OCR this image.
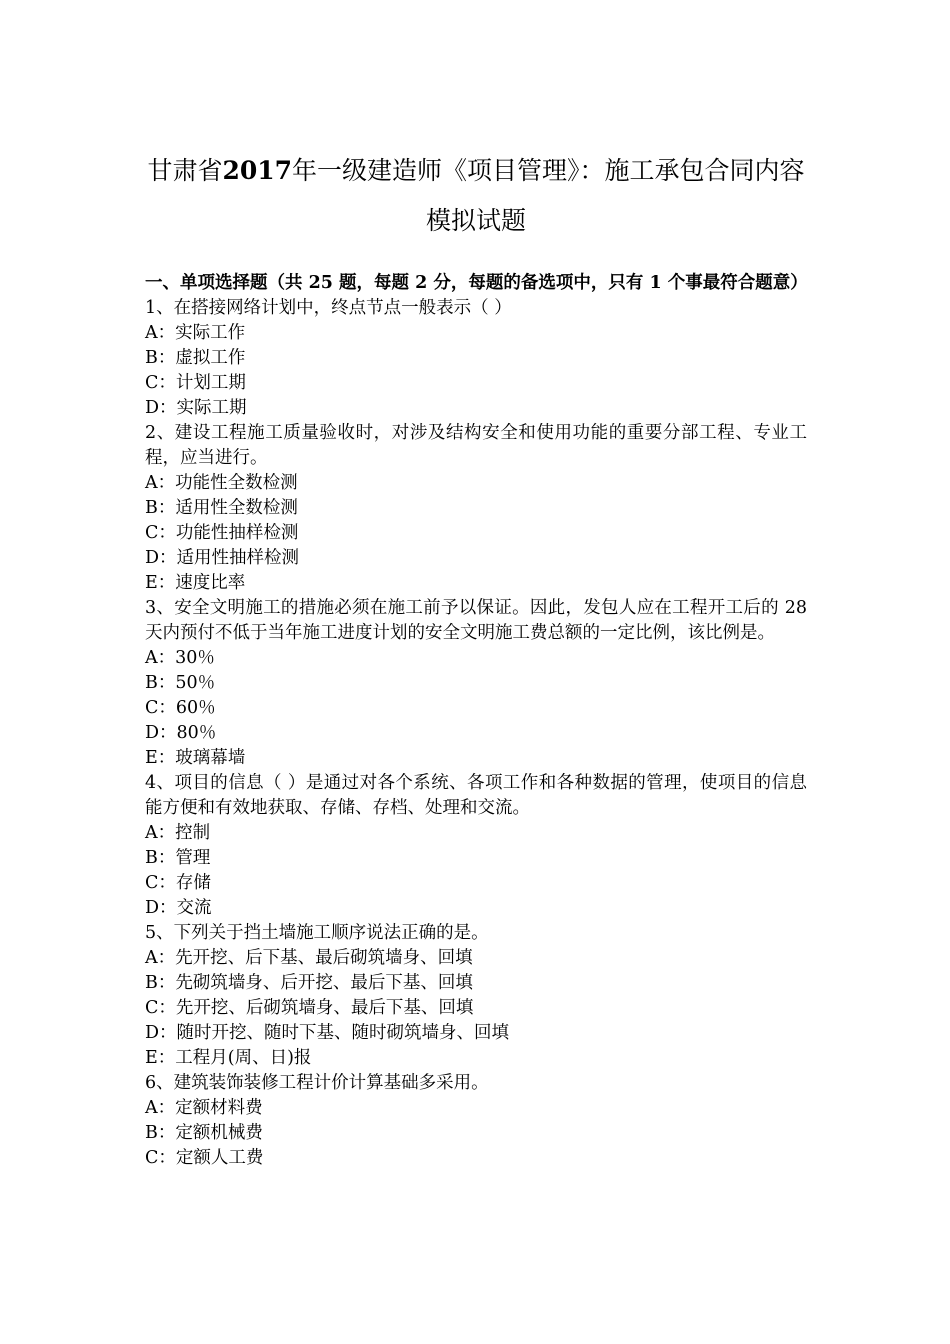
甘肃省2017年一级建造师《项目管理》：施工承包合同内容模拟试题

一、单项选择题（共 25 题，每题 2 分，每题的备选项中，只有 1 个事最符合题意）

1、在搭接网络计划中，终点节点一般表示（ ）

A：实际工作

B：虚拟工作

C：计划工期

D：实际工期

2、建设工程施工质量验收时，对涉及结构安全和使用功能的重要分部工程、专业工程，应当进行。

A：功能性全数检测

B：适用性全数检测

C：功能性抽样检测

D：适用性抽样检测

E：速度比率

3、安全文明施工的措施必须在施工前予以保证。因此，发包人应在工程开工后的 28 天内预付不低于当年施工进度计划的安全文明施工费总额的一定比例，该比例是。

A：30％

B：50％

C：60％

D：80％

E：玻璃幕墙

4、项目的信息（ ）是通过对各个系统、各项工作和各种数据的管理，使项目的信息能方便和有效地获取、存储、存档、处理和交流。

A：控制

B：管理

C：存储

D：交流

5、下列关于挡土墙施工顺序说法正确的是。

A：先开挖、后下基、最后砌筑墙身、回填

B：先砌筑墙身、后开挖、最后下基、回填

C：先开挖、后砌筑墙身、最后下基、回填

D：随时开挖、随时下基、随时砌筑墙身、回填

E：工程月(周、日)报

6、建筑装饰装修工程计价计算基础多采用。

A：定额材料费

B：定额机械费

C：定额人工费
